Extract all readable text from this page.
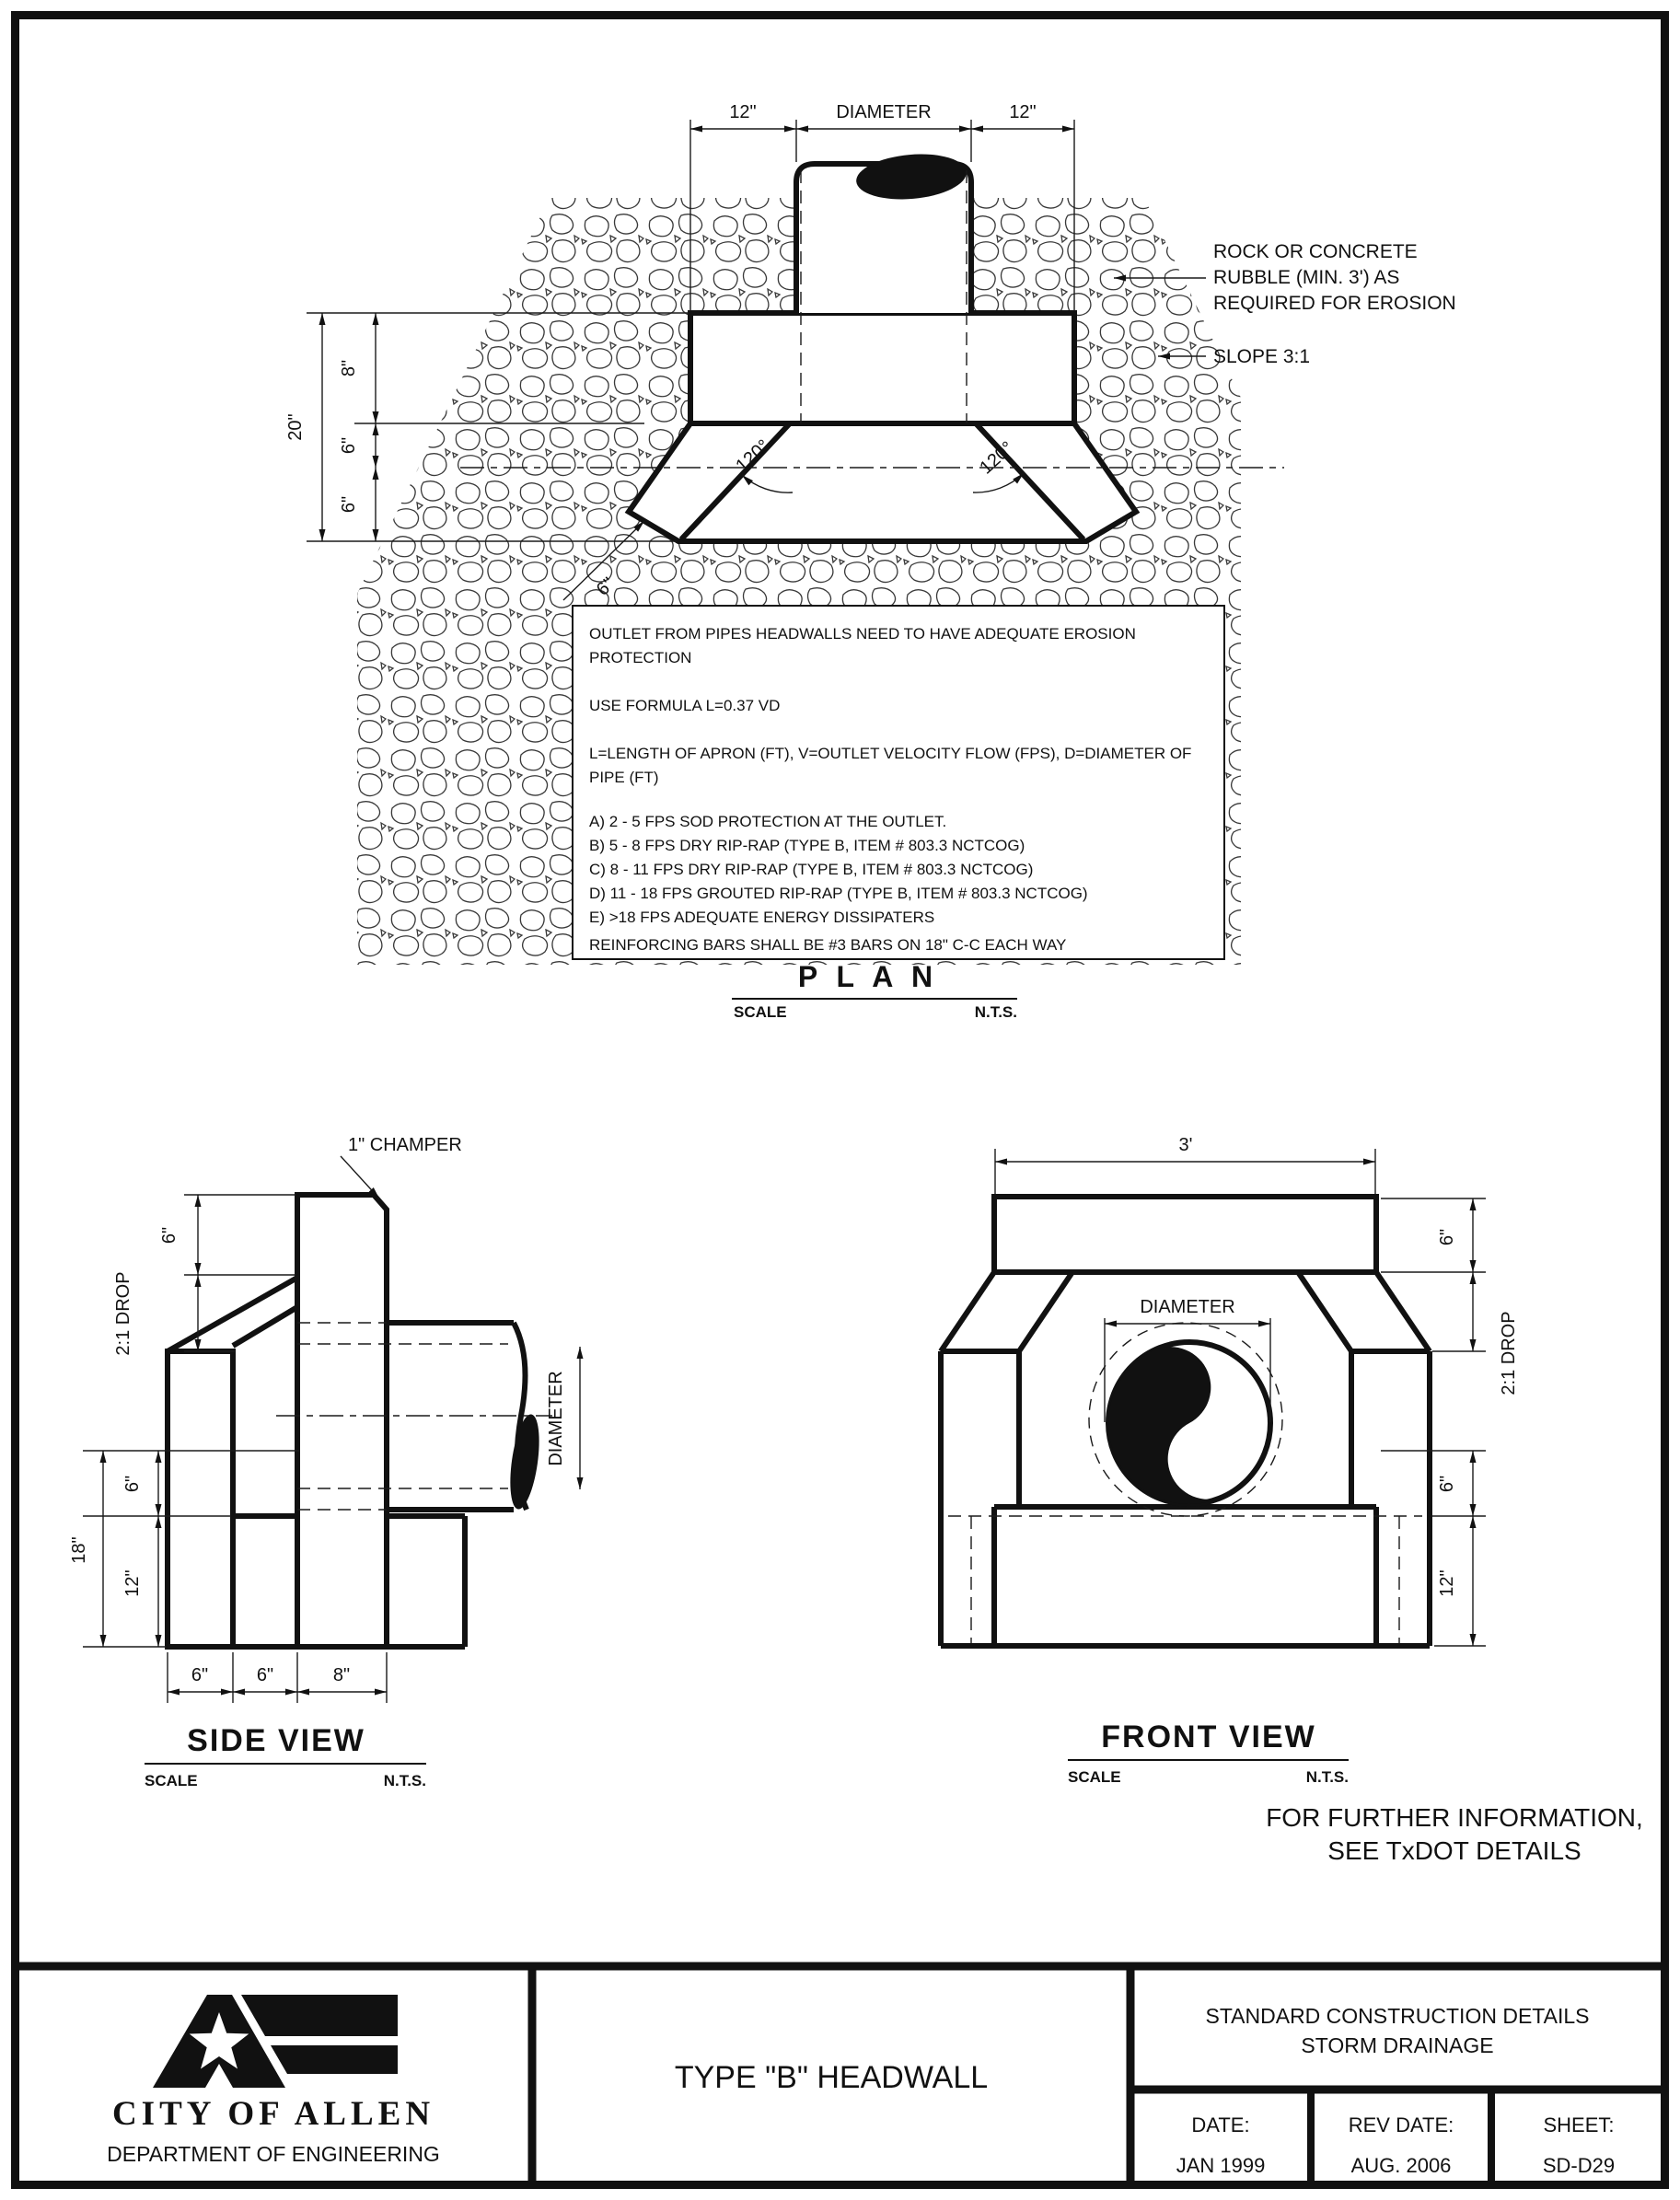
12"	DIAMETER	12"
20"
8"
6"
6"
6"
120°	120°
ROCK OR CONCRETE
RUBBLE (MIN. 3') AS
REQUIRED FOR EROSION
SLOPE 3:1
OUTLET FROM PIPES HEADWALLS NEED TO HAVE ADEQUATE EROSION
PROTECTION
USE FORMULA L=0.37 VD
L=LENGTH OF APRON (FT), V=OUTLET VELOCITY FLOW (FPS), D=DIAMETER OF
PIPE (FT)
A) 2 - 5 FPS SOD PROTECTION AT THE OUTLET.
B) 5 - 8 FPS DRY RIP-RAP (TYPE B, ITEM # 803.3 NCTCOG)
C) 8 - 11 FPS DRY RIP-RAP (TYPE B, ITEM # 803.3 NCTCOG)
D) 11 - 18 FPS GROUTED RIP-RAP (TYPE B, ITEM # 803.3 NCTCOG)
E) >18 FPS ADEQUATE ENERGY DISSIPATERS
REINFORCING BARS SHALL BE #3 BARS ON 18" C-C EACH WAY
P L A N
SCALE	N.T.S.
1" CHAMPER
6"
2:1 DROP
18"
6"
12"
DIAMETER
6"	6"	8"
SIDE VIEW
SCALE	N.T.S.
3'
DIAMETER
6"
2:1 DROP
6"
12"
FRONT VIEW
SCALE	N.T.S.
FOR FURTHER INFORMATION,
SEE TxDOT DETAILS
CITY OF ALLEN
DEPARTMENT OF ENGINEERING
TYPE "B" HEADWALL
STANDARD CONSTRUCTION DETAILS
STORM DRAINAGE
DATE:
JAN 1999
REV DATE:
AUG. 2006
SHEET:
SD-D29
